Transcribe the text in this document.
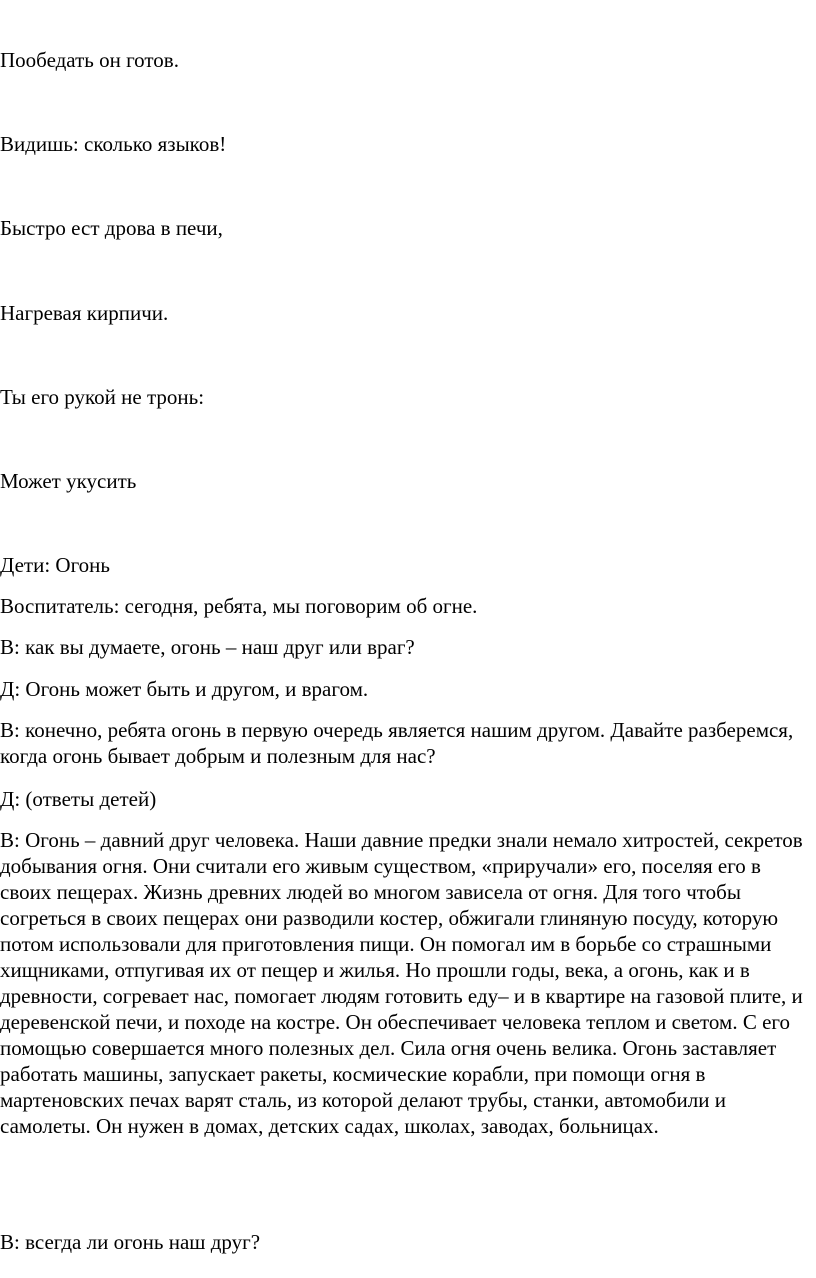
Пообедать он готов.
Видишь: сколько языков!
Быстро ест дрова в печи,
Нагревая кирпичи.
Ты его рукой не тронь:
Может укусить
Дети: Огонь
Воспитатель: сегодня, ребята, мы поговорим об огне.
В: как вы думаете, огонь – наш друг или враг?
Д: Огонь может быть и другом, и врагом.
В: конечно, ребята огонь в первую очередь является нашим другом. Давайте разберемся, когда огонь бывает добрым и полезным для нас?
Д: (ответы детей)
В: Огонь – давний друг человека. Наши давние предки знали немало хитростей, секретов добывания огня. Они считали его живым существом, «приручали» его, поселяя его в своих пещерах. Жизнь древних людей во многом зависела от огня. Для того чтобы согреться в своих пещерах они разводили костер, обжигали глиняную посуду, которую потом использовали для приготовления пищи. Он помогал им в борьбе со страшными хищниками, отпугивая их от пещер и жилья. Но прошли годы, века, а огонь, как и в древности, согревает нас, помогает людям готовить еду– и в квартире на газовой плите, и деревенской печи, и походе на костре. Он обеспечивает человека теплом и светом. С его помощью совершается много полезных дел. Сила огня очень велика. Огонь заставляет работать машины, запускает ракеты, космические корабли, при помощи огня в мартеновских печах варят сталь, из которой делают трубы, станки, автомобили и самолеты. Он нужен в домах, детских садах, школах, заводах, больницах.
В: всегда ли огонь наш друг?
